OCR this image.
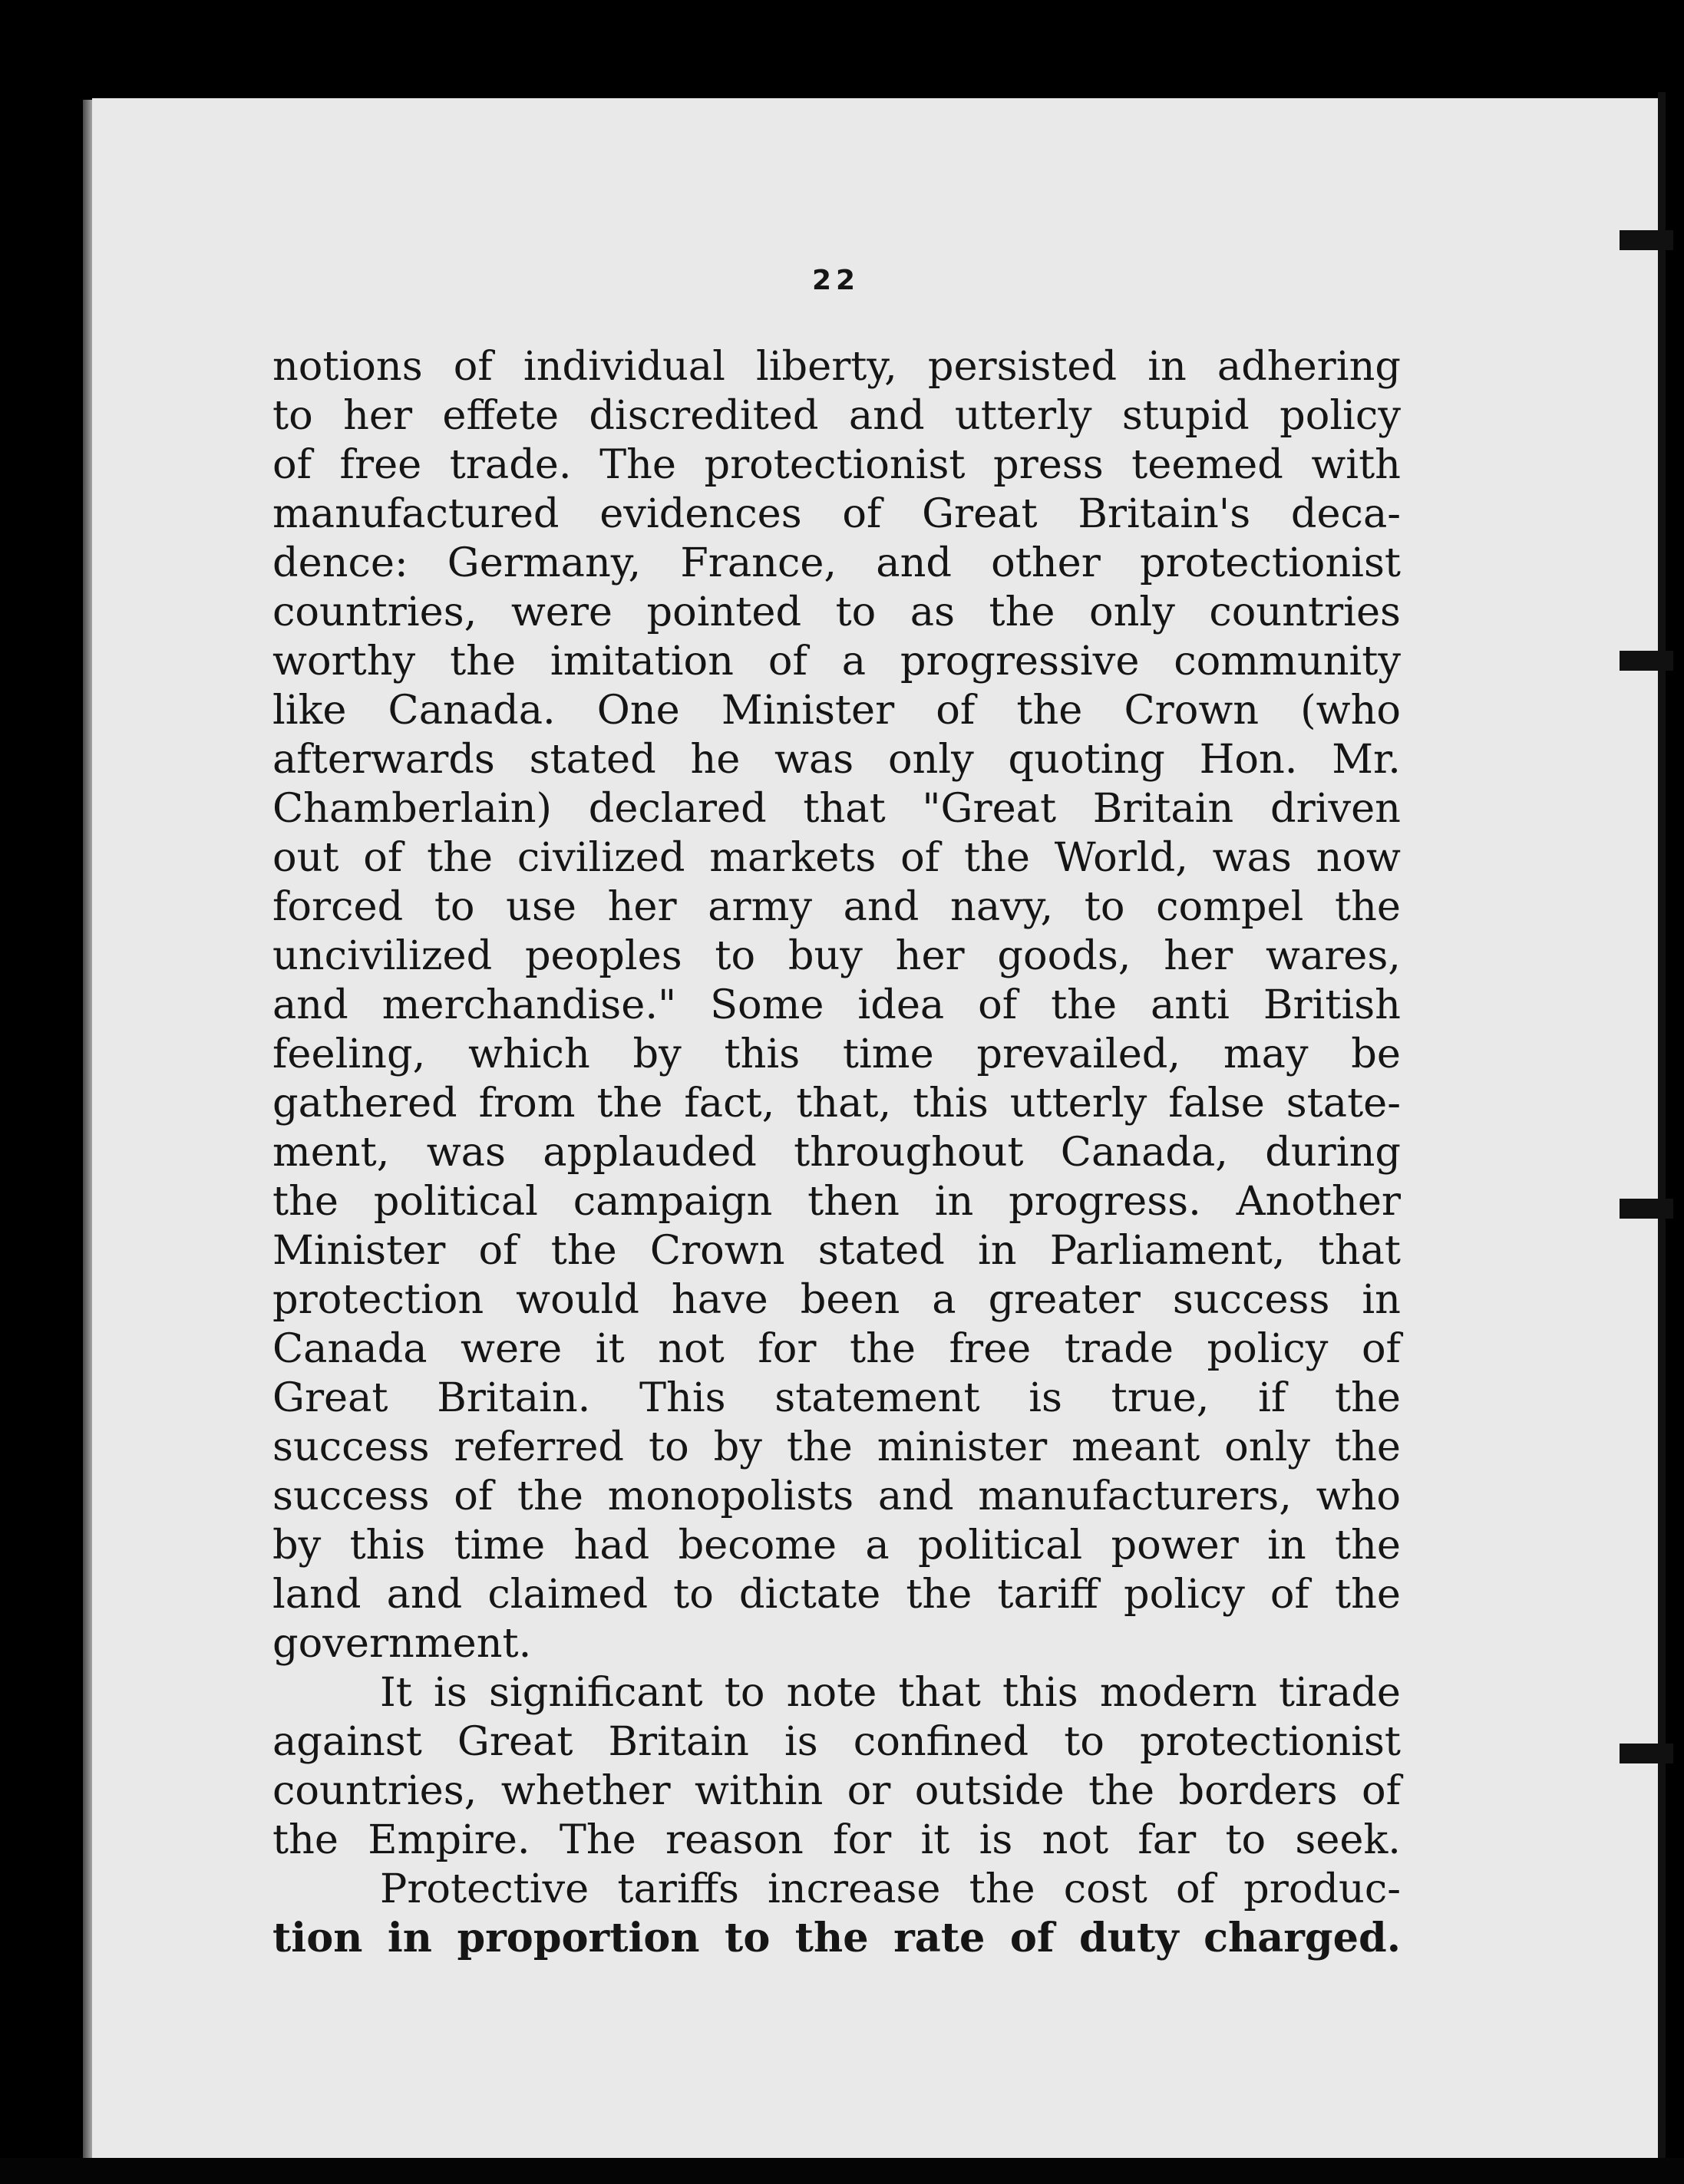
22
notions of individual liberty, persisted in adhering
to her effete discredited and utterly stupid policy
of free trade. The protectionist press teemed with
manufactured evidences of Great Britain's deca-
dence: Germany, France, and other protectionist
countries, were pointed to as the only countries
worthy the imitation of a progressive community
like Canada. One Minister of the Crown (who
afterwards stated he was only quoting Hon. Mr.
Chamberlain) declared that "Great Britain driven
out of the civilized markets of the World, was now
forced to use her army and navy, to compel the
uncivilized peoples to buy her goods, her wares,
and merchandise." Some idea of the anti British
feeling, which by this time prevailed, may be
gathered from the fact, that, this utterly false state-
ment, was applauded throughout Canada, during
the political campaign then in progress. Another
Minister of the Crown stated in Parliament, that
protection would have been a greater success in
Canada were it not for the free trade policy of
Great Britain. This statement is true, if the
success referred to by the minister meant only the
success of the monopolists and manufacturers, who
by this time had become a political power in the
land and claimed to dictate the tariff policy of the
government.
It is significant to note that this modern tirade
against Great Britain is confined to protectionist
countries, whether within or outside the borders of
the Empire. The reason for it is not far to seek.
Protective tariffs increase the cost of produc-
tion in proportion to the rate of duty charged.
